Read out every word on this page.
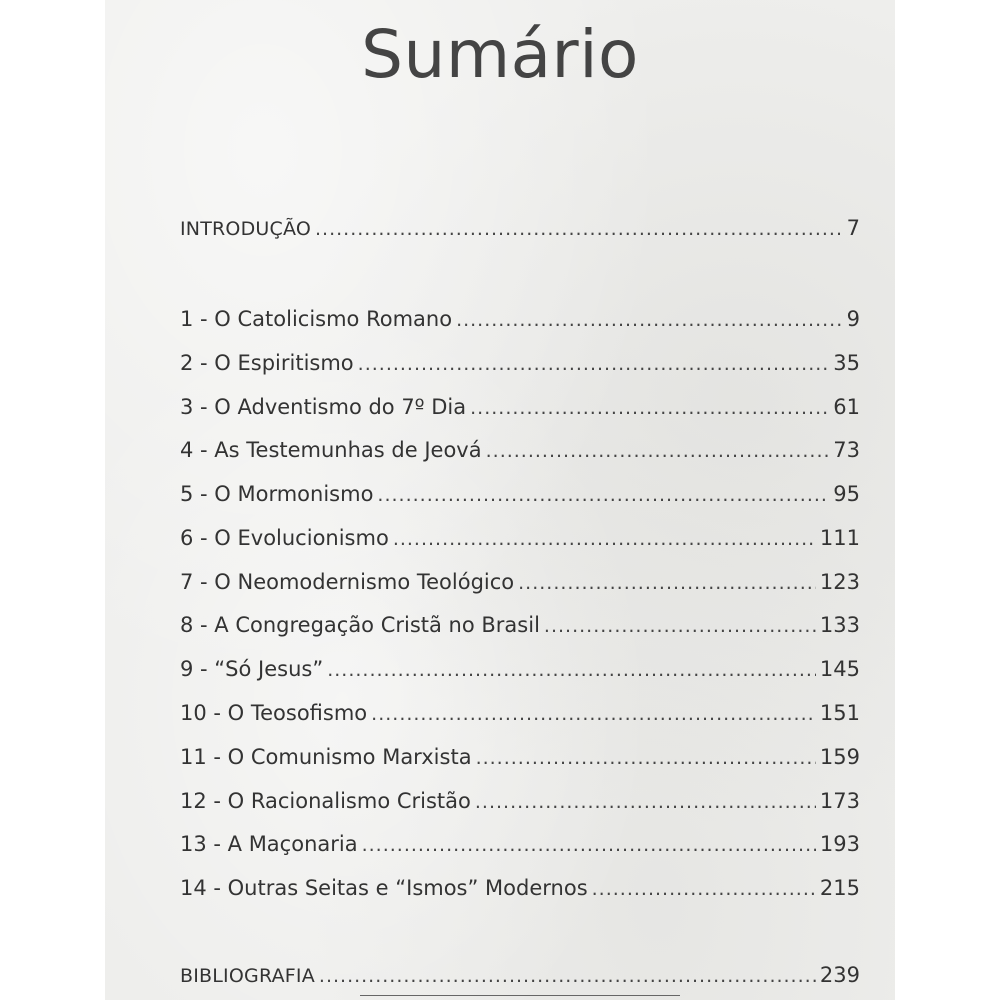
Sumário
INTRODUÇÃO .....	7
1 - O Catolicismo Romano .....	9
2 - O Espiritismo .....	35
3 - O Adventismo do 7º Dia .....	61
4 - As Testemunhas de Jeová .....	73
5 - O Mormonismo .....	95
6 - O Evolucionismo .....	111
7 - O Neomodernismo Teológico .....	123
8 - A Congregação Cristã no Brasil .....	133
9 - “Só Jesus” .....	145
10 - O Teosofismo .....	151
11 - O Comunismo Marxista .....	159
12 - O Racionalismo Cristão .....	173
13 - A Maçonaria .....	193
14 - Outras Seitas e “Ismos” Modernos .....	215
BIBLIOGRAFIA .....	239
